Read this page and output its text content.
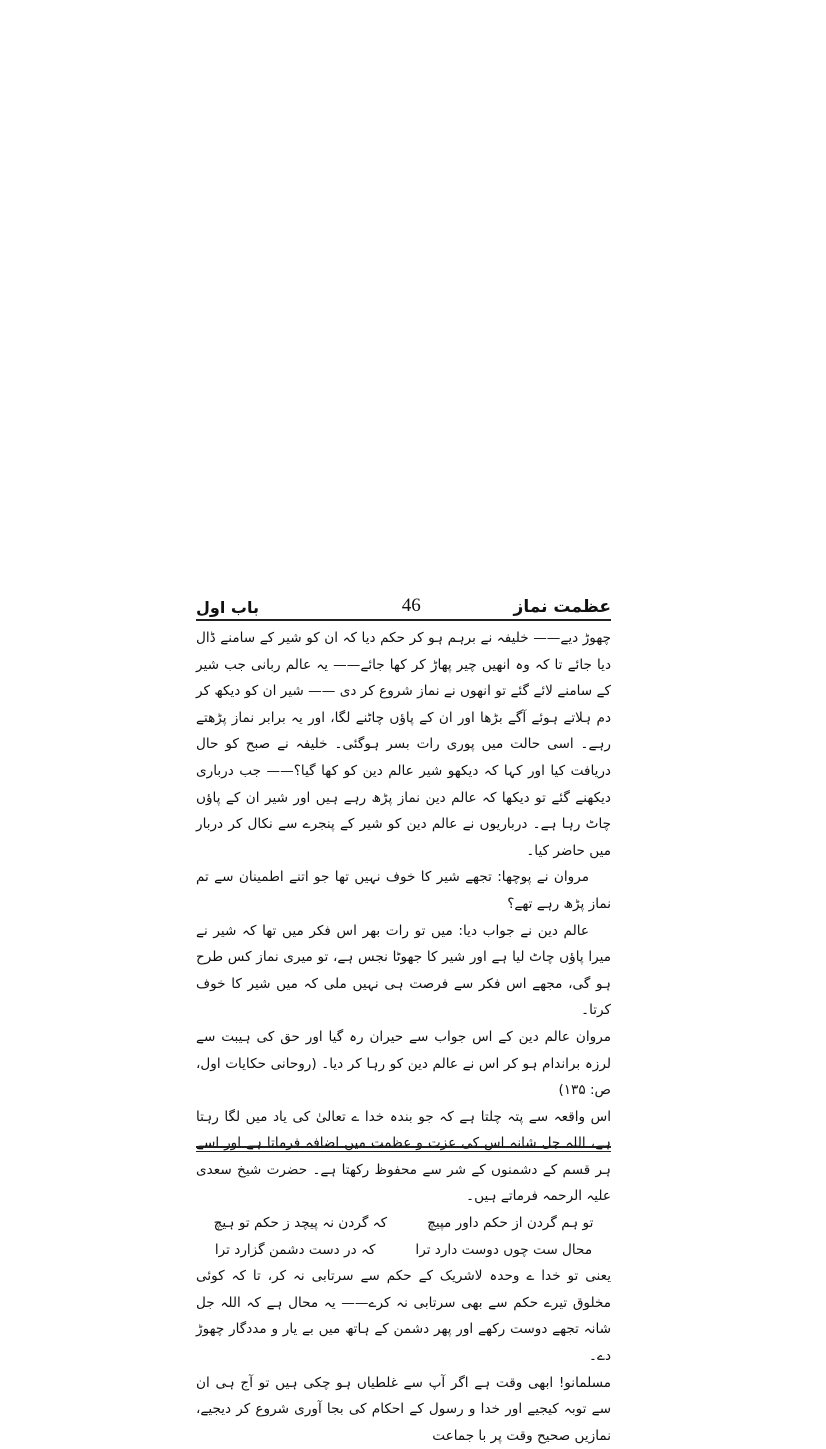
باب اول	46	عظمت نماز

چھوڑ دیے—— خلیفہ نے برہم ہو کر حکم دیا کہ ان کو شیر کے سامنے ڈال دیا جائے تا کہ وہ انھیں چیر پھاڑ کر کھا جائے—— یہ عالم ربانی جب شیر کے سامنے لائے گئے تو انھوں نے نماز شروع کر دی —— شیر ان کو دیکھ کر دم ہلاتے ہوئے آگے بڑھا اور ان کے پاؤں چاٹنے لگا، اور یہ برابر نماز پڑھتے رہے۔ اسی حالت میں پوری رات بسر ہوگئی۔ خلیفہ نے صبح کو حال دریافت کیا اور کہا کہ دیکھو شیر عالم دین کو کھا گیا؟—— جب درباری دیکھنے گئے تو دیکھا کہ عالم دین نماز پڑھ رہے ہیں اور شیر ان کے پاؤں چاٹ رہا ہے۔ درباریوں نے عالم دین کو شیر کے پنجرے سے نکال کر دربار میں حاضر کیا۔

مروان نے پوچھا: تجھے شیر کا خوف نہیں تھا جو اتنے اطمینان سے تم نماز پڑھ رہے تھے؟

عالم دین نے جواب دیا: میں تو رات بھر اس فکر میں تھا کہ شیر نے میرا پاؤں چاٹ لیا ہے اور شیر کا جھوٹا نجس ہے، تو میری نماز کس طرح ہو گی، مجھے اس فکر سے فرصت ہی نہیں ملی کہ میں شیر کا خوف کرتا۔

مروان عالم دین کے اس جواب سے حیران رہ گیا اور حق کی ہیبت سے لرزہ براندام ہو کر اس نے عالم دین کو رہا کر دیا۔ (روحانی حکایات اول، ص: ۱۳۵)

اس واقعہ سے پتہ چلتا ہے کہ جو بندہ خدا ے تعالیٰ کی یاد میں لگا رہتا ہے، اللہ جل شانہ اس کی عزت و عظمت میں اضافہ فرماتا ہے اور اسے ہر قسم کے دشمنوں کے شر سے محفوظ رکھتا ہے۔ حضرت شیخ سعدی علیہ الرحمہ فرماتے ہیں۔

تو ہم گردن از حکم داور مپیچ
کہ گردن نہ پیچد ز حکم تو ہیچ
محال ست چوں دوست دارد ترا
کہ در دست دشمن گزارد ترا

یعنی تو خدا ے وحدہ لاشریک کے حکم سے سرتابی نہ کر، تا کہ کوئی مخلوق تیرے حکم سے بھی سرتابی نہ کرے—— یہ محال ہے کہ اللہ جل شانہ تجھے دوست رکھے اور پھر دشمن کے ہاتھ میں بے یار و مددگار چھوڑ دے۔

مسلمانو! ابھی وقت ہے اگر آپ سے غلطیاں ہو چکی ہیں تو آج ہی ان سے توبہ کیجیے اور خدا و رسول کے احکام کی بجا آوری شروع کر دیجیے، نمازیں صحیح وقت پر با جماعت
